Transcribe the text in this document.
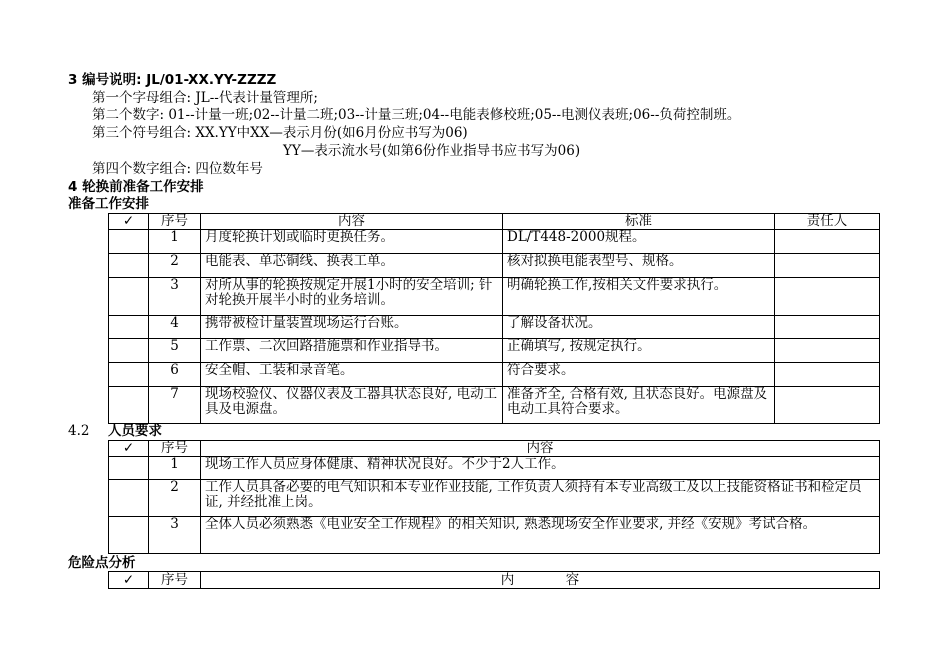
3 编号说明: JL/01-XX.YY-ZZZZ
第一个字母组合: JL--代表计量管理所;
第二个数字: 01--计量一班;02--计量二班;03--计量三班;04--电能表修校班;05--电测仪表班;06--负荷控制班。
第三个符号组合: XX.YY中XX—表示月份(如6月份应书写为06)
YY—表示流水号(如第6份作业指导书应书写为06)
第四个数字组合: 四位数年号
4 轮换前准备工作安排
准备工作安排
✓	序号	内容	标准	责任人
	1	月度轮换计划或临时更换任务。	DL/T448-2000规程。	
	2	电能表、单芯铜线、换表工单。	核对拟换电能表型号、规格。	
	3	对所从事的轮换按规定开展1小时的安全培训; 针对轮换开展半小时的业务培训。	明确轮换工作,按相关文件要求执行。	
	4	携带被检计量装置现场运行台账。	了解设备状况。	
	5	工作票、二次回路措施票和作业指导书。	正确填写, 按规定执行。	
	6	安全帽、工装和录音笔。	符合要求。	
	7	现场校验仪、仪器仪表及工器具状态良好, 电动工具及电源盘。	准备齐全, 合格有效, 且状态良好。电源盘及电动工具符合要求。	
4.2 人员要求
✓	序号	内容
	1	现场工作人员应身体健康、精神状况良好。不少于2人工作。
	2	工作人员具备必要的电气知识和本专业作业技能, 工作负责人须持有本专业高级工及以上技能资格证书和检定员证, 并经批准上岗。
	3	全体人员必须熟悉《电业安全工作规程》的相关知识, 熟悉现场安全作业要求, 并经《安规》考试合格。
危险点分析
✓	序号	内            容
